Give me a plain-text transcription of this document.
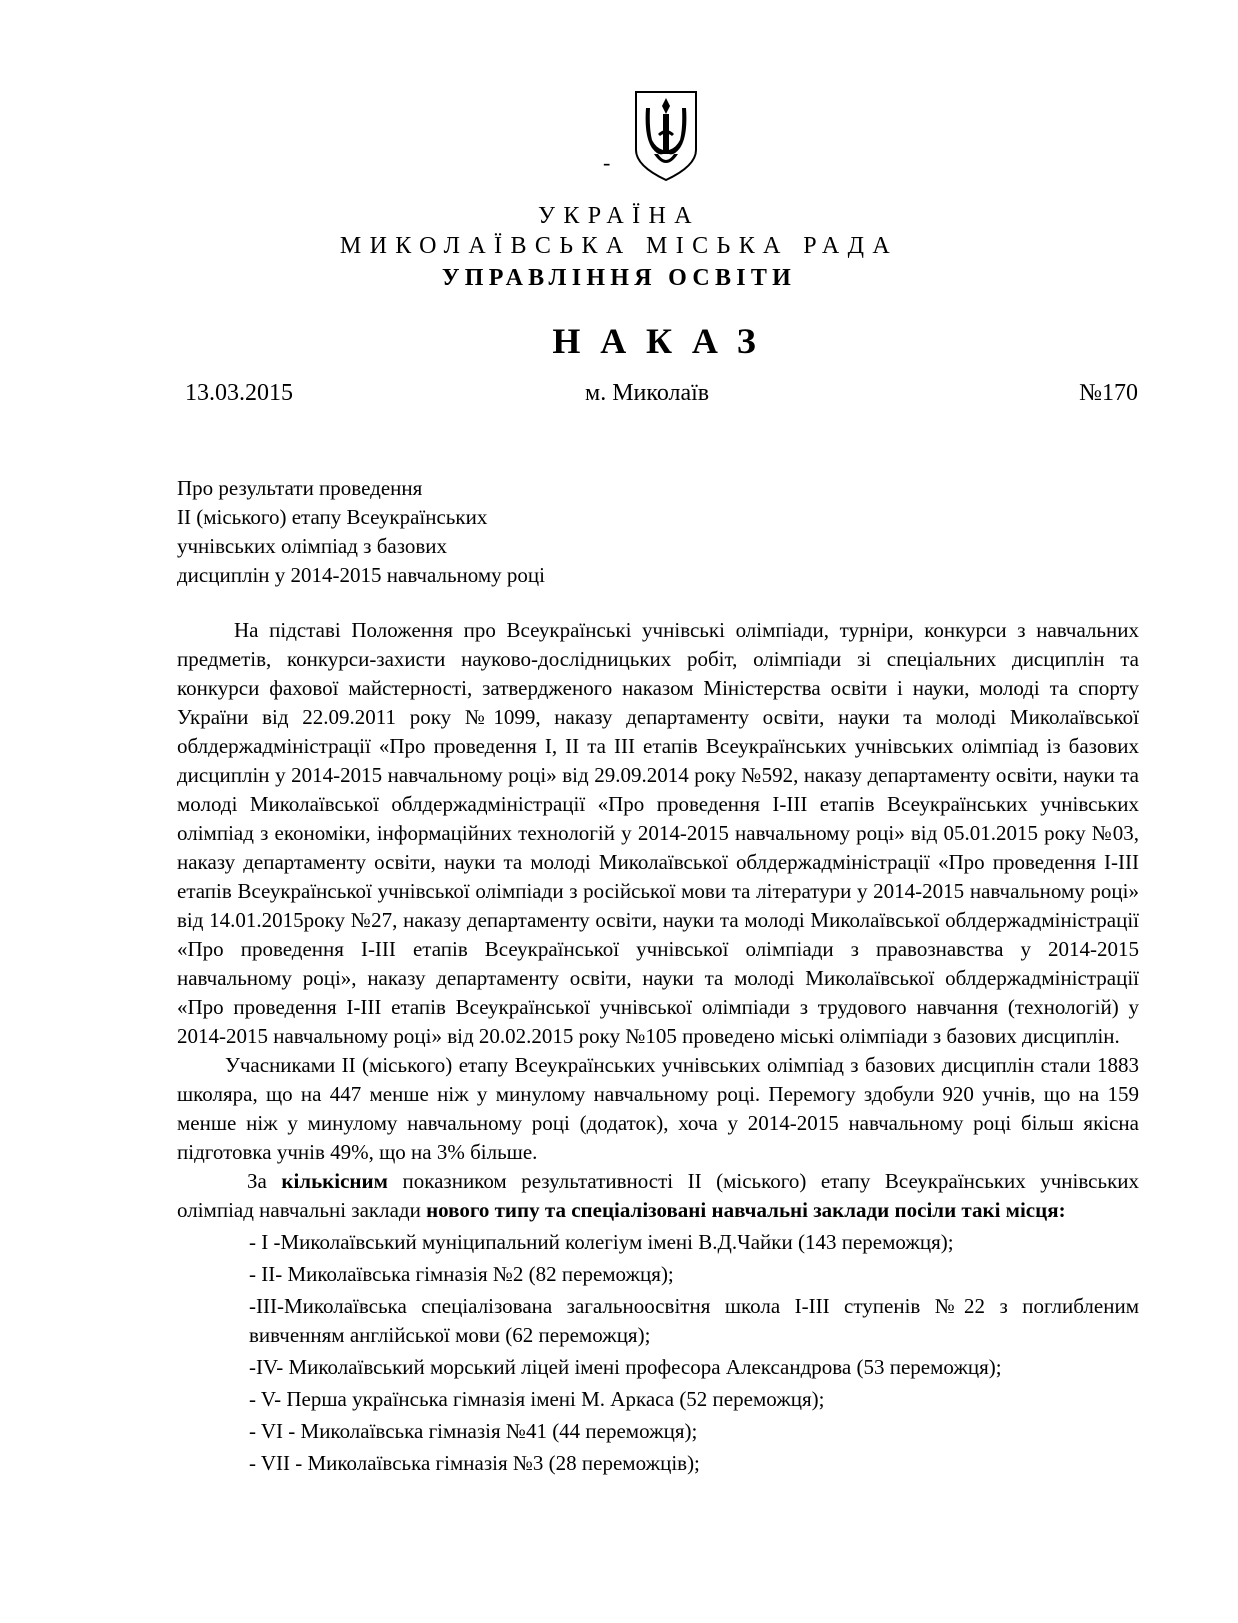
-
УКРАЇНА
МИКОЛАЇВСЬКА МІСЬКА РАДА
УПРАВЛІННЯ ОСВІТИ
НАКАЗ
13.03.2015	м. Миколаїв	№170
Про результати проведення
II (міського) етапу Всеукраїнських
учнівських олімпіад з базових
дисциплін у 2014-2015 навчальному році

На підставі Положення про Всеукраїнські учнівські олімпіади, турніри, конкурси з навчальних предметів, конкурси-захисти науково-дослідницьких робіт, олімпіади зі спеціальних дисциплін та конкурси фахової майстерності, затвердженого наказом Міністерства освіти і науки, молоді та спорту України від 22.09.2011 року №1099, наказу департаменту освіти, науки та молоді Миколаївської облдержадміністрації «Про проведення I, II та III етапів Всеукраїнських учнівських олімпіад із базових дисциплін у 2014-2015 навчальному році» від 29.09.2014 року №592, наказу департаменту освіти, науки та молоді Миколаївської облдержадміністрації «Про проведення I-III етапів Всеукраїнських учнівських олімпіад з економіки, інформаційних технологій у 2014-2015 навчальному році» від 05.01.2015 року №03, наказу департаменту освіти, науки та молоді Миколаївської облдержадміністрації «Про проведення I-III етапів Всеукраїнської учнівської олімпіади з російської мови та літератури у 2014-2015 навчальному році» від 14.01.2015року №27, наказу департаменту освіти, науки та молоді Миколаївської облдержадміністрації «Про проведення I-III етапів Всеукраїнської учнівської олімпіади з правознавства у 2014-2015 навчальному році», наказу департаменту освіти, науки та молоді Миколаївської облдержадміністрації «Про проведення I-III етапів Всеукраїнської учнівської олімпіади з трудового навчання (технологій) у 2014-2015 навчальному році» від 20.02.2015 року №105 проведено міські олімпіади з базових дисциплін.

Учасниками II (міського) етапу Всеукраїнських учнівських олімпіад з базових дисциплін стали 1883 школяра, що на 447 менше ніж у минулому навчальному році. Перемогу здобули 920 учнів, що на 159 менше ніж у минулому навчальному році (додаток), хоча у 2014-2015 навчальному році більш якісна підготовка учнів 49%, що на 3% більше.

За кількісним показником результативності II (міського) етапу Всеукраїнських учнівських олімпіад навчальні заклади нового типу та спеціалізовані навчальні заклади посіли такі місця:

- I -Миколаївський муніципальний колегіум імені В.Д.Чайки (143 переможця);
- II- Миколаївська гімназія №2 (82 переможця);
-III-Миколаївська спеціалізована загальноосвітня школа I-III ступенів №22 з поглибленим вивченням англійської мови (62 переможця);
-IV- Миколаївський морський ліцей імені професора Александрова (53 переможця);
- V- Перша українська гімназія імені М. Аркаса (52 переможця);
- VI - Миколаївська гімназія №41 (44 переможця);
- VII - Миколаївська гімназія №3 (28 переможців);
